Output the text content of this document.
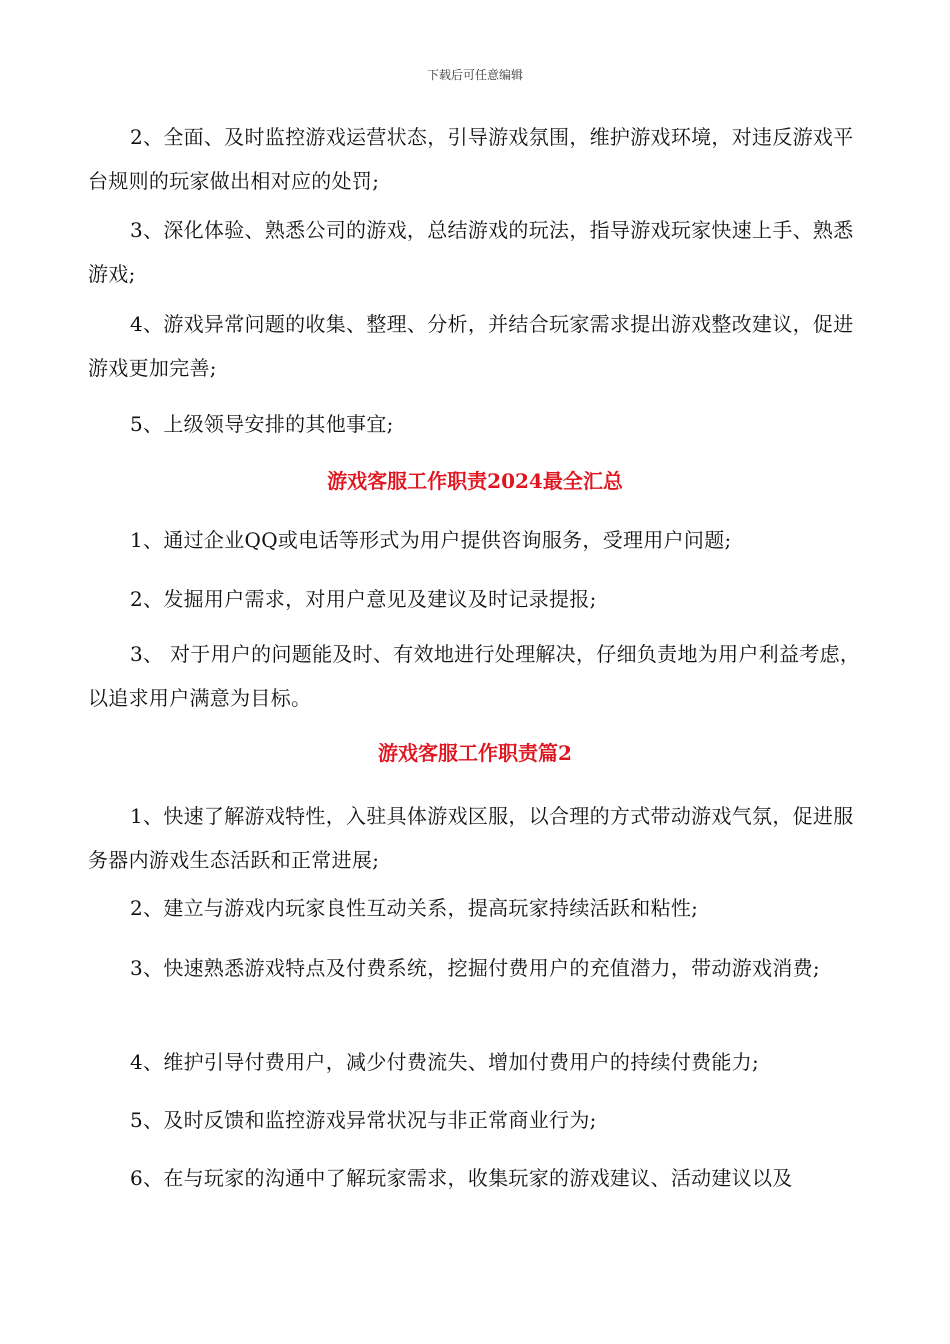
下载后可任意编辑
2、全面、及时监控游戏运营状态，引导游戏氛围，维护游戏环境，对违反游戏平台规则的玩家做出相对应的处罚;
3、深化体验、熟悉公司的游戏，总结游戏的玩法，指导游戏玩家快速上手、熟悉游戏;
4、游戏异常问题的收集、整理、分析，并结合玩家需求提出游戏整改建议，促进游戏更加完善;
5、上级领导安排的其他事宜;
游戏客服工作职责2024最全汇总
1、通过企业QQ或电话等形式为用户提供咨询服务，受理用户问题;
2、发掘用户需求，对用户意见及建议及时记录提报;
3、 对于用户的问题能及时、有效地进行处理解决，仔细负责地为用户利益考虑，以追求用户满意为目标。
游戏客服工作职责篇2
1、快速了解游戏特性，入驻具体游戏区服，以合理的方式带动游戏气氛，促进服务器内游戏生态活跃和正常进展;
2、建立与游戏内玩家良性互动关系，提高玩家持续活跃和粘性;
3、快速熟悉游戏特点及付费系统，挖掘付费用户的充值潜力，带动游戏消费;
4、维护引导付费用户，减少付费流失、增加付费用户的持续付费能力;
5、及时反馈和监控游戏异常状况与非正常商业行为;
6、在与玩家的沟通中了解玩家需求，收集玩家的游戏建议、活动建议以及
